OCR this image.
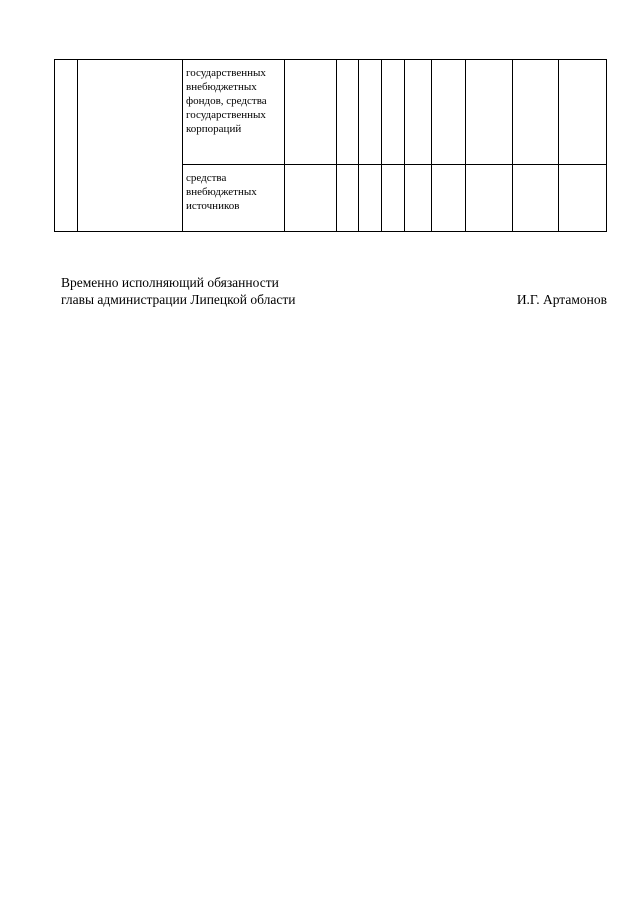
		государственных
внебюджетных
фондов, средства
государственных
корпораций									

		средства
внебюджетных
источников									

Временно исполняющий обязанности
главы администрации Липецкой области	И.Г. Артамонов
